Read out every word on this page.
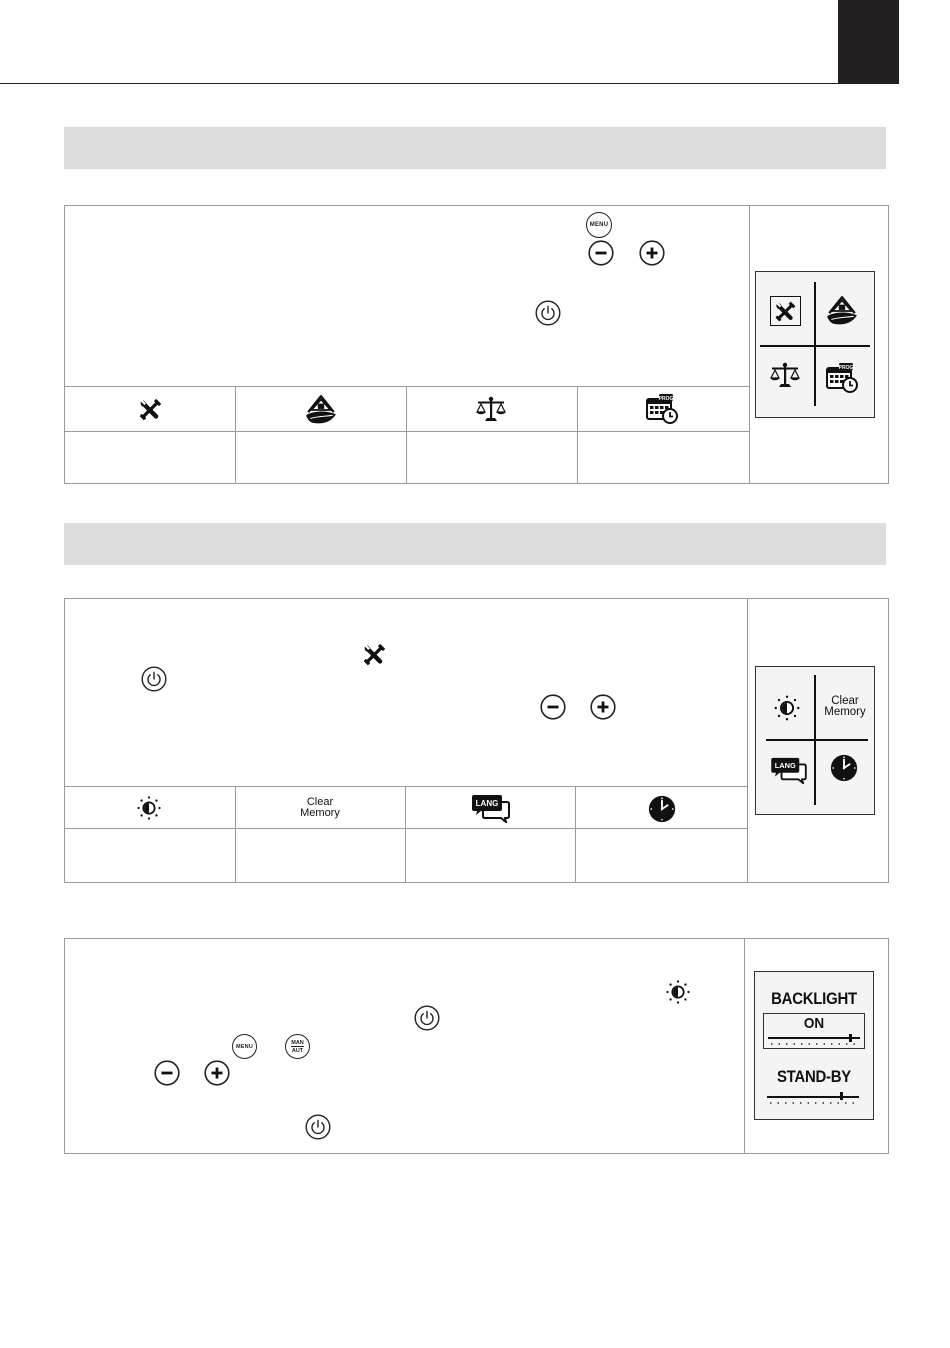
MENU
Clear
Memory
Clear
Memory
MENU
MAN
AUT
BACKLIGHT
ON
STAND-BY
